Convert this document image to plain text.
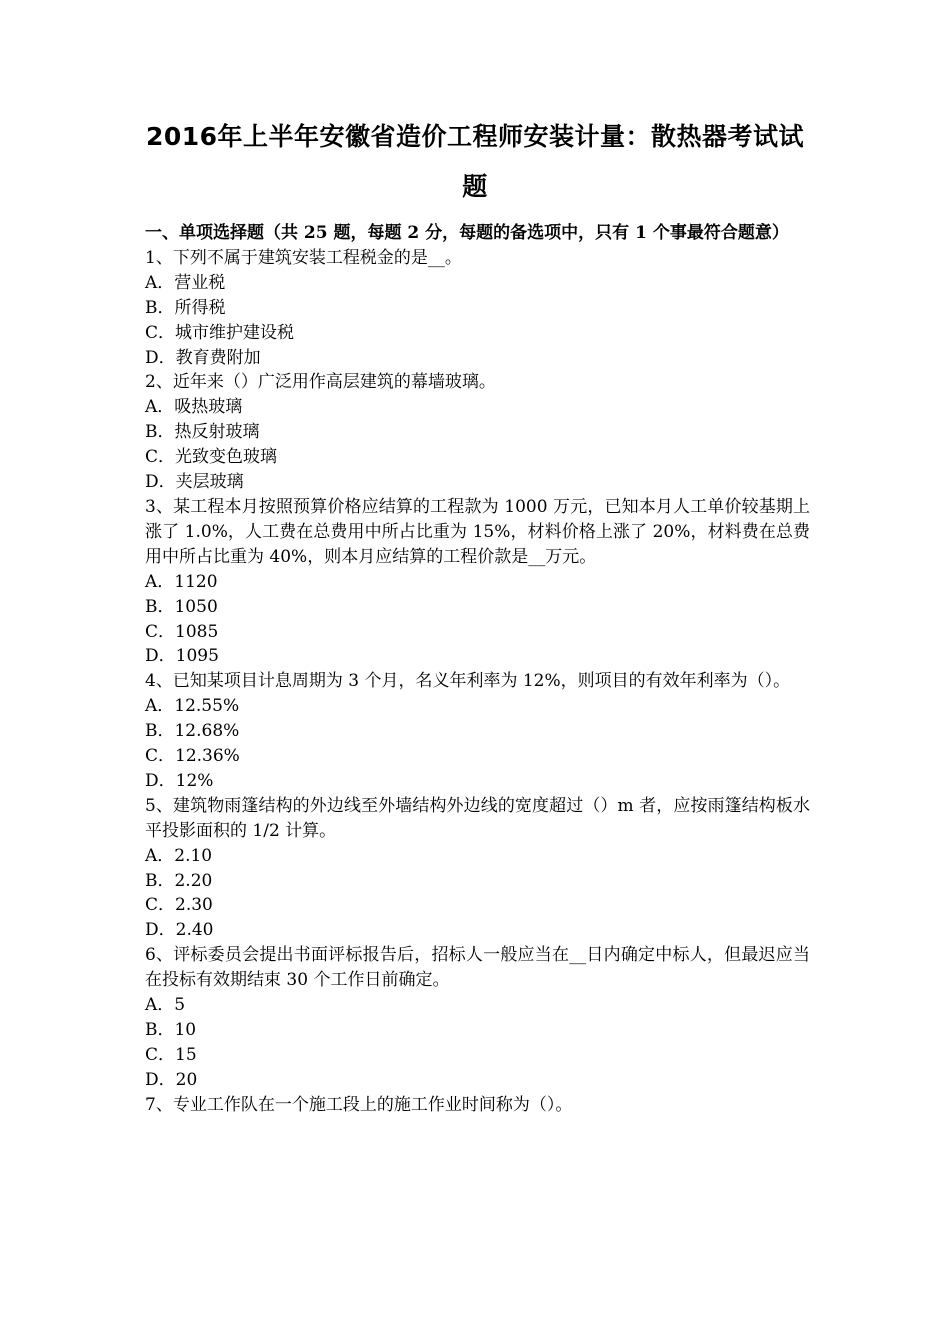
2016年上半年安徽省造价工程师安装计量：散热器考试试题
一、单项选择题（共 25 题，每题 2 分，每题的备选项中，只有 1 个事最符合题意）
1、下列不属于建筑安装工程税金的是__。
A．营业税
B．所得税
C．城市维护建设税
D．教育费附加
2、近年来（）广泛用作高层建筑的幕墙玻璃。
A．吸热玻璃
B．热反射玻璃
C．光致变色玻璃
D．夹层玻璃
3、某工程本月按照预算价格应结算的工程款为 1000 万元，已知本月人工单价较基期上涨了 1.0%，人工费在总费用中所占比重为 15%，材料价格上涨了 20%，材料费在总费用中所占比重为 40%，则本月应结算的工程价款是__万元。
A．1120
B．1050
C．1085
D．1095
4、已知某项目计息周期为 3 个月，名义年利率为 12%，则项目的有效年利率为（）。
A．12.55%
B．12.68%
C．12.36%
D．12%
5、建筑物雨篷结构的外边线至外墙结构外边线的宽度超过（）m 者，应按雨篷结构板水平投影面积的 1/2 计算。
A．2.10
B．2.20
C．2.30
D．2.40
6、评标委员会提出书面评标报告后，招标人一般应当在__日内确定中标人，但最迟应当在投标有效期结束 30 个工作日前确定。
A．5
B．10
C．15
D．20
7、专业工作队在一个施工段上的施工作业时间称为（）。
